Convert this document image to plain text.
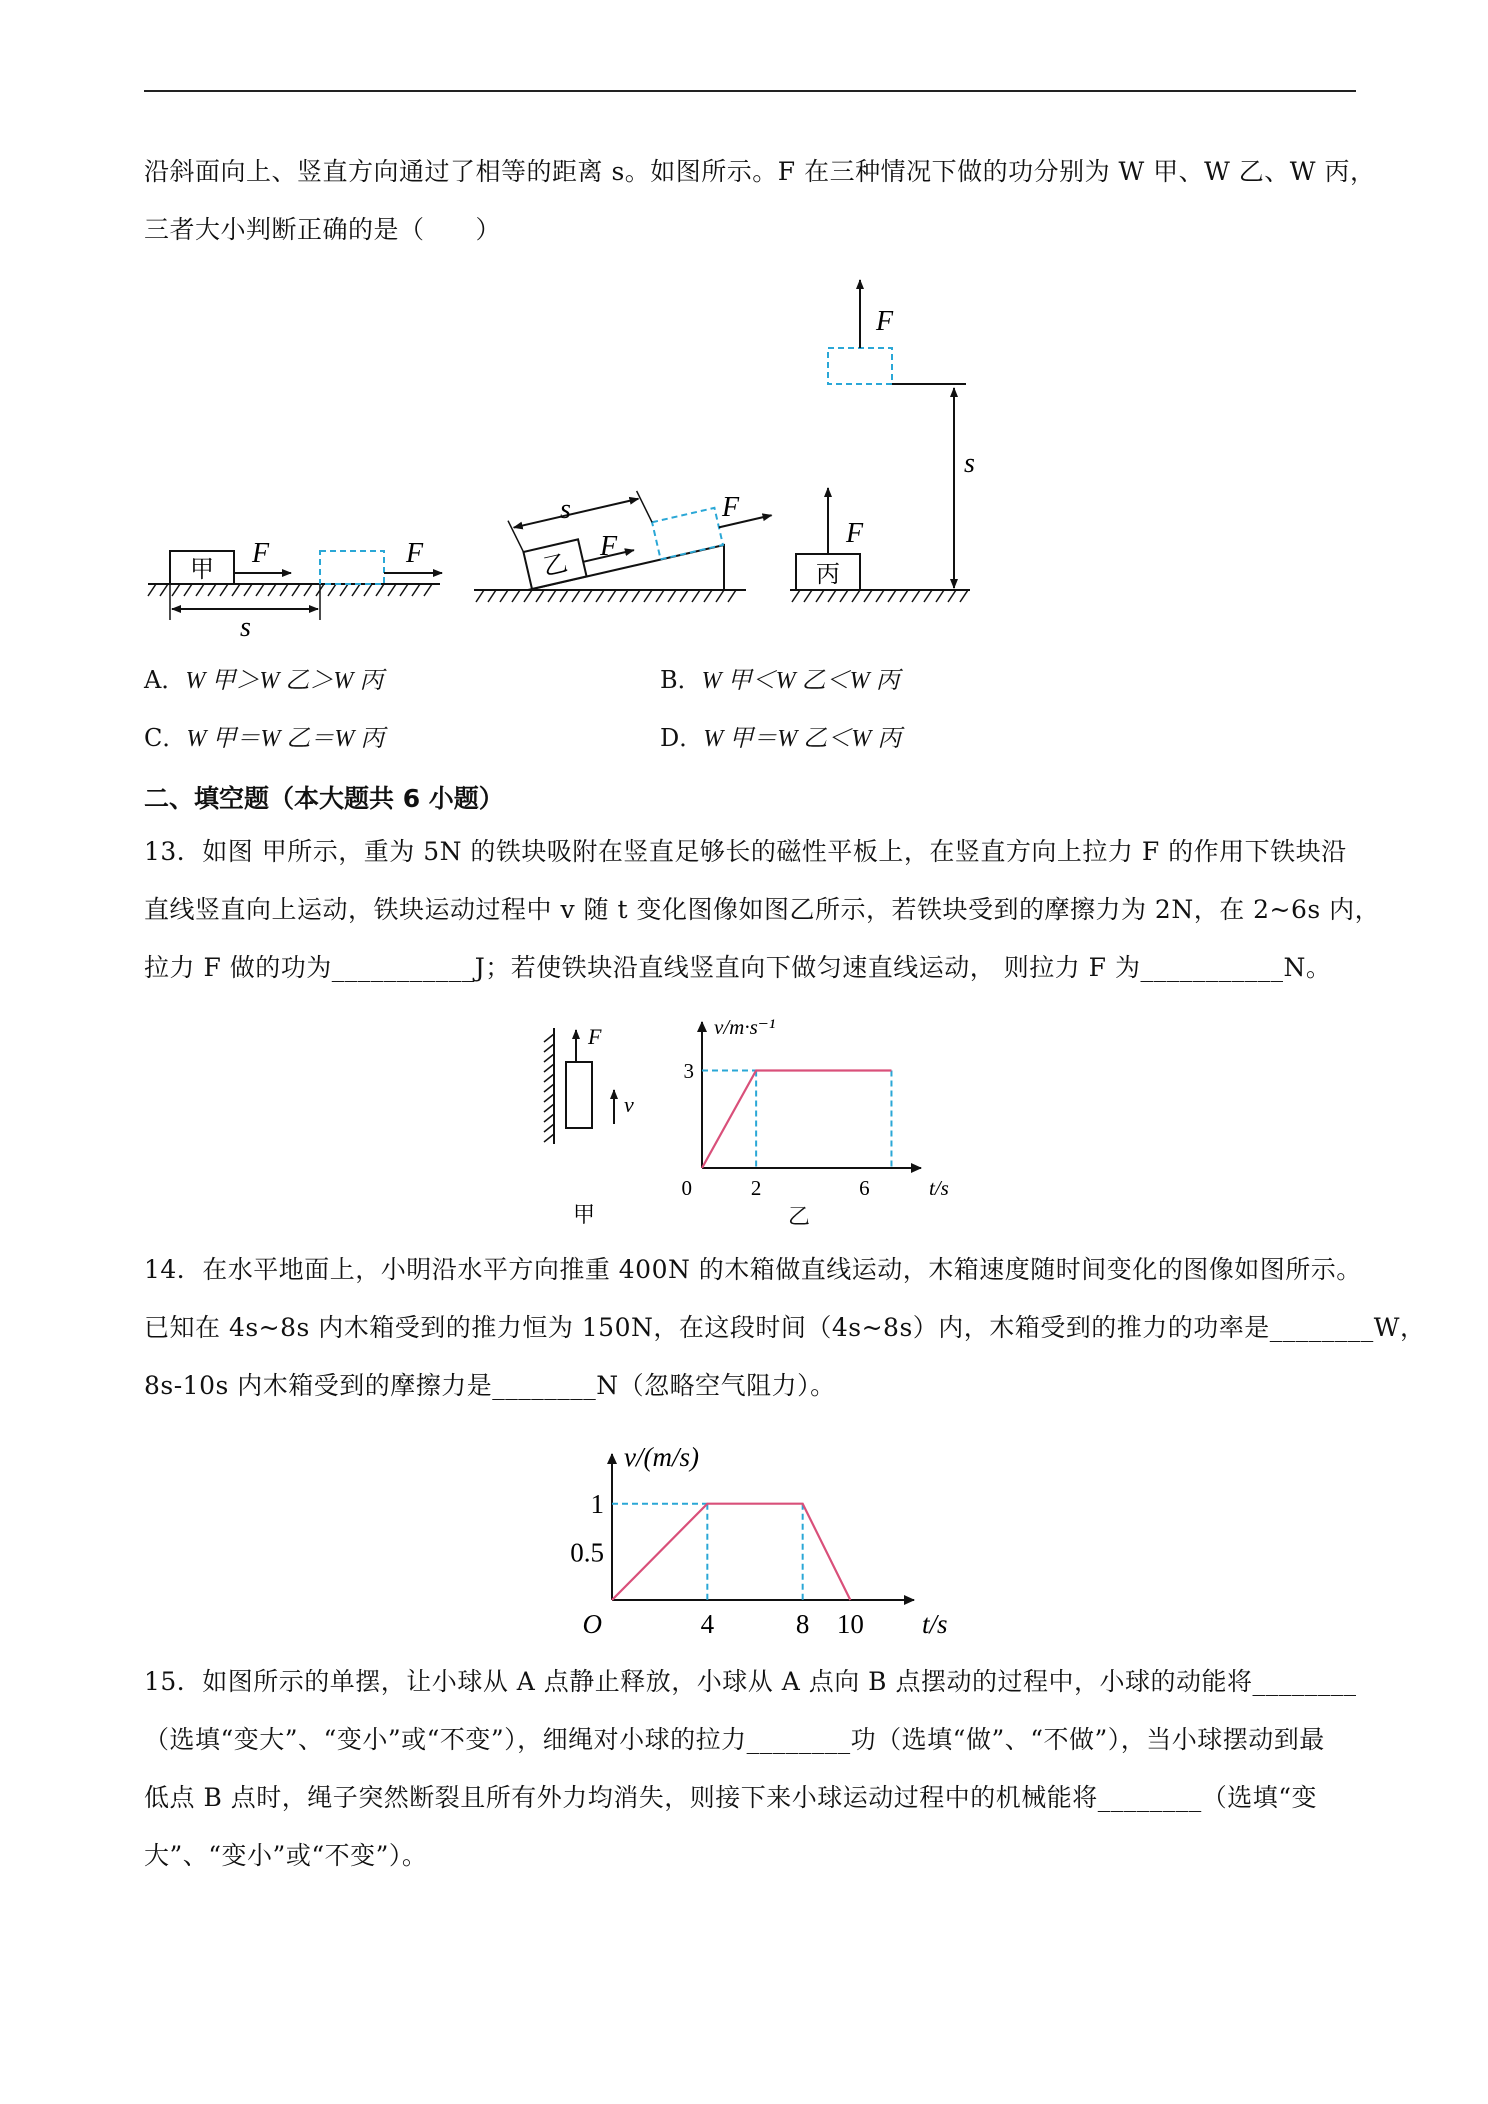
沿斜面向上、竖直方向通过了相等的距离 s。如图所示。F 在三种情况下做的功分别为 W 甲、W 乙、W 丙，
三者大小判断正确的是（　　）
甲
F	F
s
乙
F
F
s
丙
F
F
s
A．W 甲＞W 乙＞W 丙	B．W 甲＜W 乙＜W 丙
C．W 甲＝W 乙＝W 丙	D．W 甲＝W 乙＜W 丙
二、填空题（本大题共 6 小题）
13．如图 甲所示，重为 5N 的铁块吸附在竖直足够长的磁性平板上，在竖直方向上拉力 F 的作用下铁块沿
直线竖直向上运动，铁块运动过程中 v 随 t 变化图像如图乙所示，若铁块受到的摩擦力为 2N，在 2~6s 内，
拉力 F 做的功为___________J；若使铁块沿直线竖直向下做匀速直线运动， 则拉力 F 为___________N。
F
v
甲
2	6
3
0	t/s
v/m·s⁻¹
乙
14．在水平地面上，小明沿水平方向推重 400N 的木箱做直线运动，木箱速度随时间变化的图像如图所示。
已知在 4s~8s 内木箱受到的推力恒为 150N，在这段时间（4s~8s）内，木箱受到的推力的功率是________W，
8s-10s 内木箱受到的摩擦力是________N（忽略空气阻力）。
4	8 10
1
0.5
O	t/s
v/(m/s)
15．如图所示的单摆，让小球从 A 点静止释放，小球从 A 点向 B 点摆动的过程中，小球的动能将________
（选填“变大”、“变小”或“不变”），细绳对小球的拉力________功（选填“做”、“不做”），当小球摆动到最
低点 B 点时，绳子突然断裂且所有外力均消失，则接下来小球运动过程中的机械能将________（选填“变
大”、“变小”或“不变”）。
